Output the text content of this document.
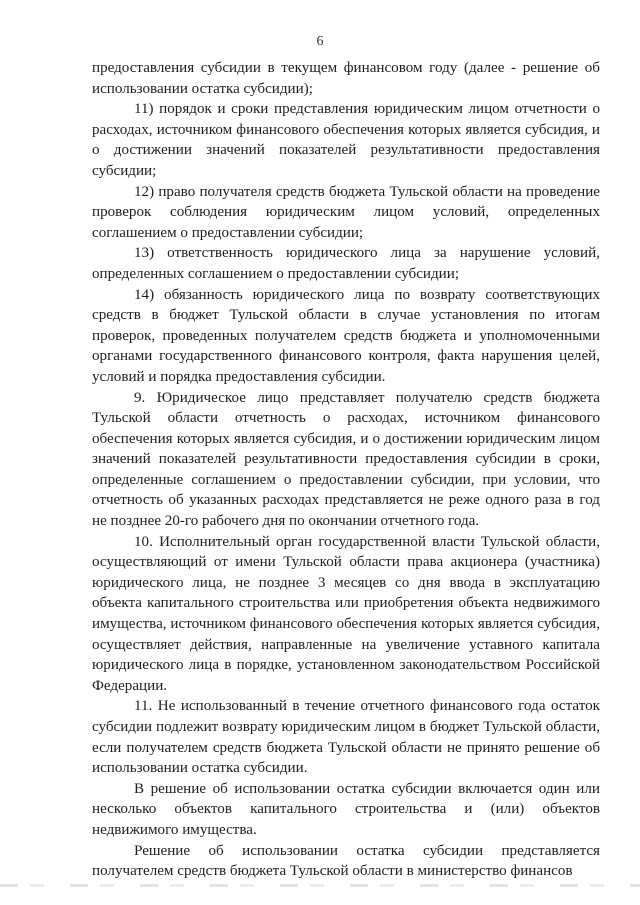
6

предоставления субсидии в текущем финансовом году (далее - решение об использовании остатка субсидии);

11) порядок и сроки представления юридическим лицом отчетности о расходах, источником финансового обеспечения которых является субсидия, и о достижении значений показателей результативности предоставления субсидии;

12) право получателя средств бюджета Тульской области на проведение проверок соблюдения юридическим лицом условий, определенных соглашением о предоставлении субсидии;

13) ответственность юридического лица за нарушение условий, определенных соглашением о предоставлении субсидии;

14) обязанность юридического лица по возврату соответствующих средств в бюджет Тульской области в случае установления по итогам проверок, проведенных получателем средств бюджета и уполномоченными органами государственного финансового контроля, факта нарушения целей, условий и порядка предоставления субсидии.

9. Юридическое лицо представляет получателю средств бюджета Тульской области отчетность о расходах, источником финансового обеспечения которых является субсидия, и о достижении юридическим лицом значений показателей результативности предоставления субсидии в сроки, определенные соглашением о предоставлении субсидии, при условии, что отчетность об указанных расходах представляется не реже одного раза в год не позднее 20-го рабочего дня по окончании отчетного года.

10. Исполнительный орган государственной власти Тульской области, осуществляющий от имени Тульской области права акционера (участника) юридического лица, не позднее 3 месяцев со дня ввода в эксплуатацию объекта капитального строительства или приобретения объекта недвижимого имущества, источником финансового обеспечения которых является субсидия, осуществляет действия, направленные на увеличение уставного капитала юридического лица в порядке, установленном законодательством Российской Федерации.

11. Не использованный в течение отчетного финансового года остаток субсидии подлежит возврату юридическим лицом в бюджет Тульской области, если получателем средств бюджета Тульской области не принято решение об использовании остатка субсидии.

В решение об использовании остатка субсидии включается один или несколько объектов капитального строительства и (или) объектов недвижимого имущества.

Решение об использовании остатка субсидии представляется получателем средств бюджета Тульской области в министерство финансов
